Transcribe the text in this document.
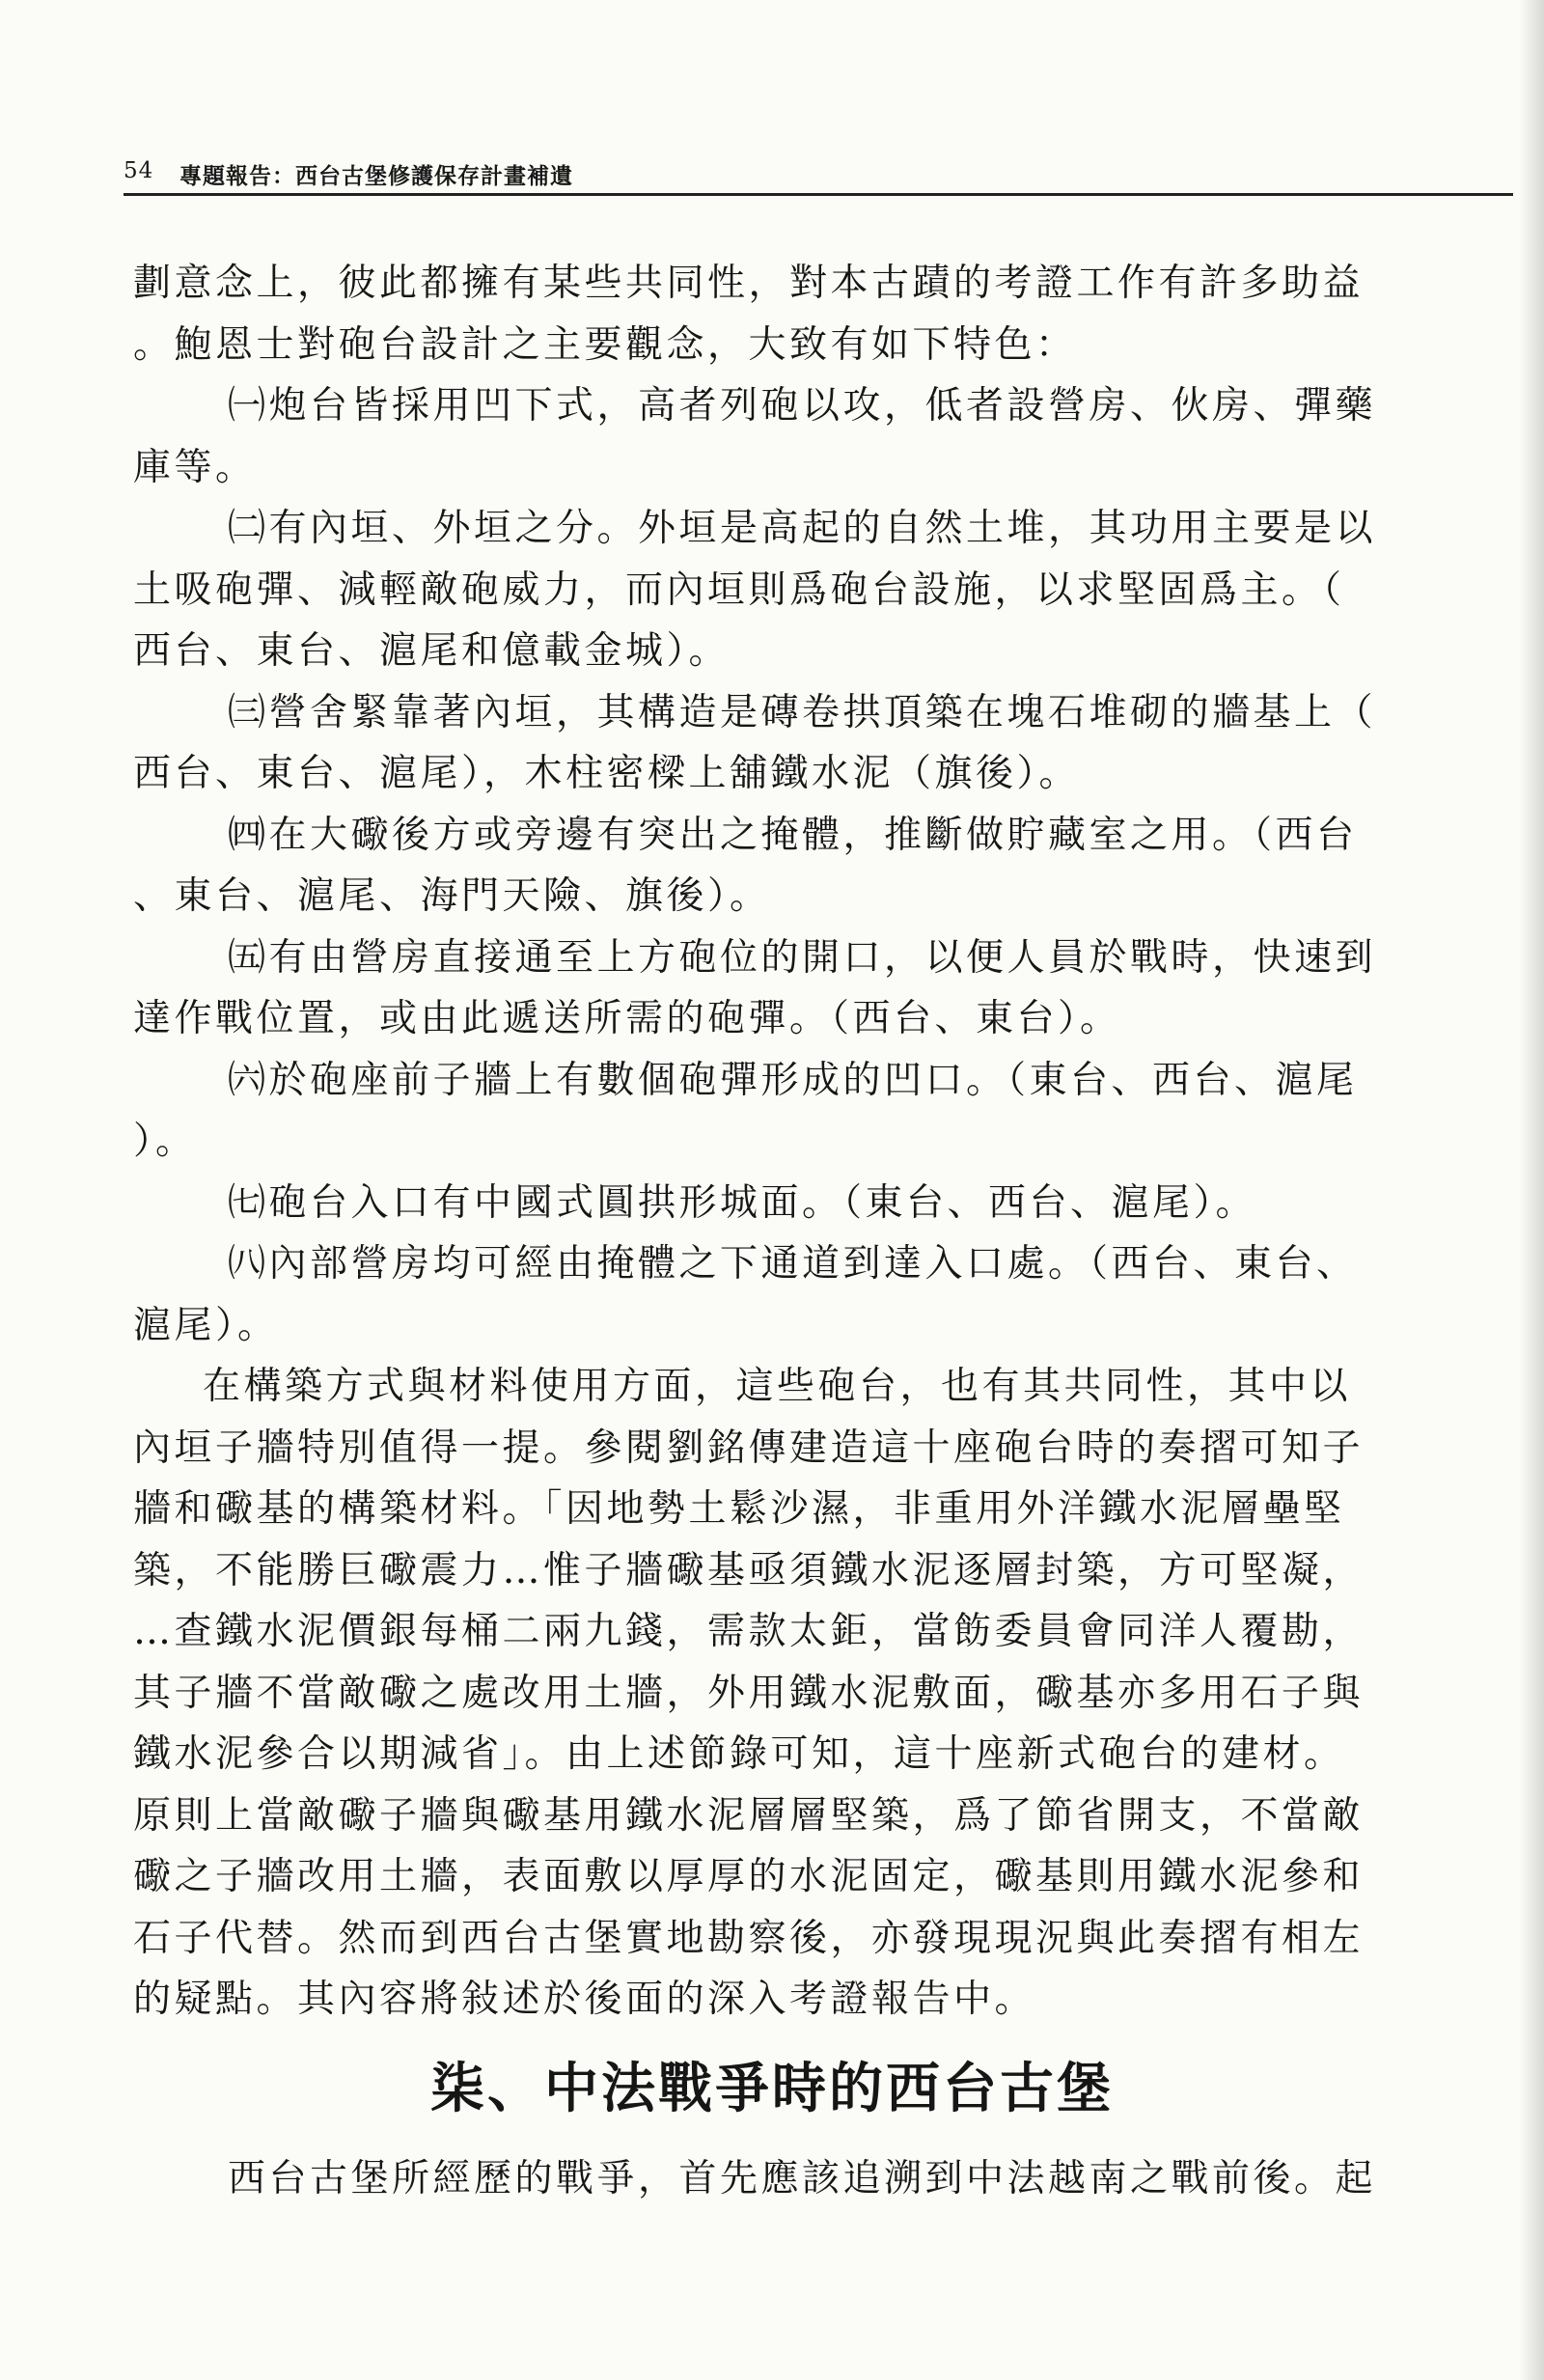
54 專題報告：西台古堡修護保存計畫補遺
劃意念上，彼此都擁有某些共同性，對本古蹟的考證工作有許多助益
。鮑恩士對砲台設計之主要觀念，大致有如下特色：
㈠炮台皆採用凹下式，高者列砲以攻，低者設營房、伙房、彈藥
庫等。
㈡有內垣、外垣之分。外垣是高起的自然土堆，其功用主要是以
土吸砲彈、減輕敵砲威力，而內垣則爲砲台設施，以求堅固爲主。（
西台、東台、滬尾和億載金城）。
㈢營舍緊靠著內垣，其構造是磚卷拱頂築在塊石堆砌的牆基上（
西台、東台、滬尾），木柱密樑上舖鐵水泥（旗後）。
㈣在大礮後方或旁邊有突出之掩體，推斷做貯藏室之用。（西台
、東台、滬尾、海門天險、旗後）。
㈤有由營房直接通至上方砲位的開口，以便人員於戰時，快速到
達作戰位置，或由此遞送所需的砲彈。（西台、東台）。
㈥於砲座前子牆上有數個砲彈形成的凹口。（東台、西台、滬尾
）。
㈦砲台入口有中國式圓拱形城面。（東台、西台、滬尾）。
㈧內部營房均可經由掩體之下通道到達入口處。（西台、東台、
滬尾）。
在構築方式與材料使用方面，這些砲台，也有其共同性，其中以
內垣子牆特別值得一提。參閱劉銘傳建造這十座砲台時的奏摺可知子
牆和礮基的構築材料。「因地勢土鬆沙濕，非重用外洋鐵水泥層壘堅
築，不能勝巨礮震力…惟子牆礮基亟須鐵水泥逐層封築，方可堅凝，
…查鐵水泥價銀每桶二兩九錢，需款太鉅，當飭委員會同洋人覆勘，
其子牆不當敵礮之處改用土牆，外用鐵水泥敷面，礮基亦多用石子與
鐵水泥參合以期減省」。由上述節錄可知，這十座新式砲台的建材。
原則上當敵礮子牆與礮基用鐵水泥層層堅築，爲了節省開支，不當敵
礮之子牆改用土牆，表面敷以厚厚的水泥固定，礮基則用鐵水泥參和
石子代替。然而到西台古堡實地勘察後，亦發現現況與此奏摺有相左
的疑點。其內容將敍述於後面的深入考證報告中。
柒、中法戰爭時的西台古堡
西台古堡所經歷的戰爭，首先應該追溯到中法越南之戰前後。起
